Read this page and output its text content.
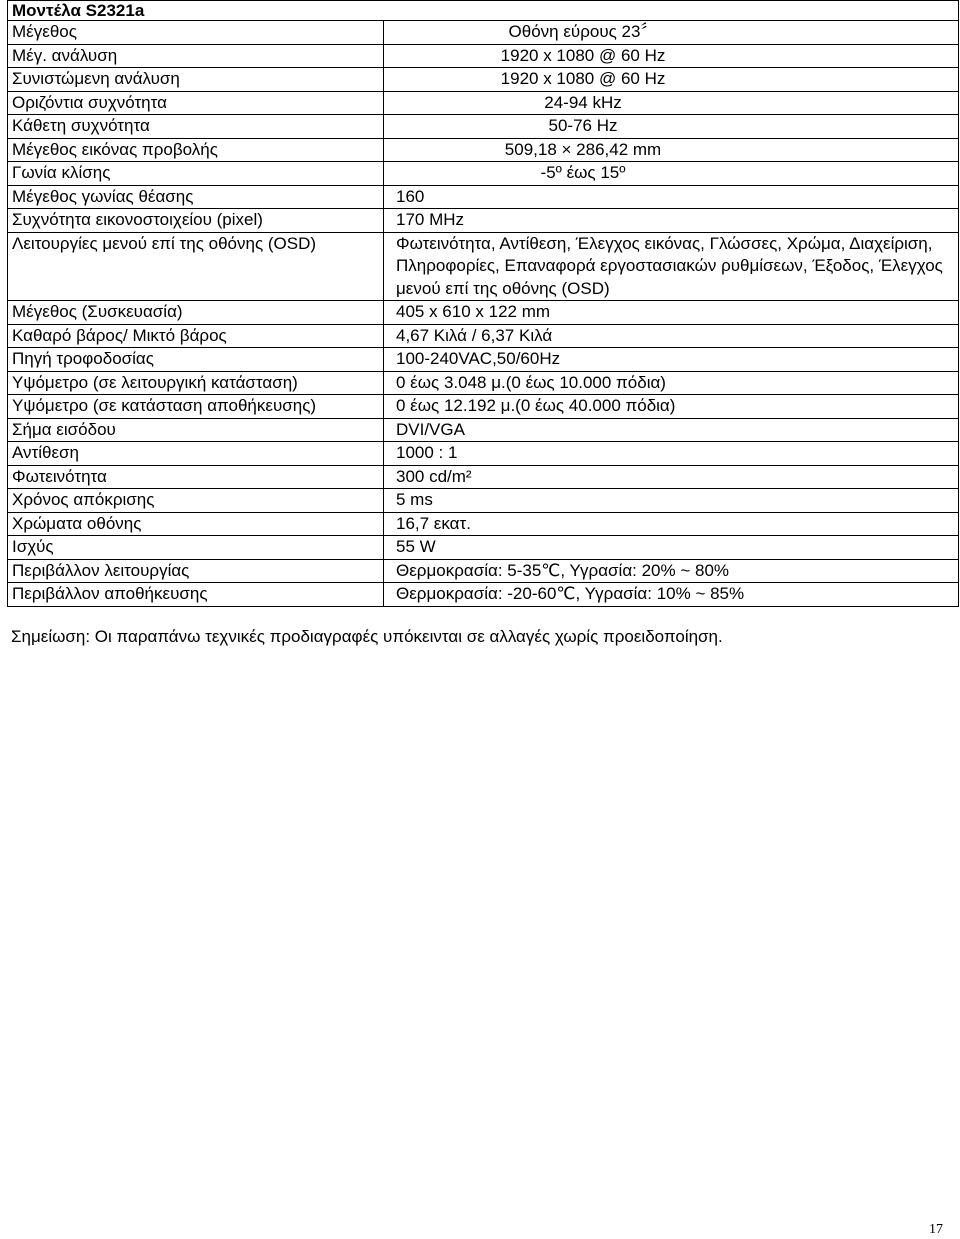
Μοντέλα S2321a	
Μέγεθος	Οθόνη εύρους 23〞
Μέγ. ανάλυση	1920 x 1080 @ 60 Hz
Συνιστώμενη ανάλυση	1920 x 1080 @ 60 Hz
Οριζόντια συχνότητα	24-94 kHz
Κάθετη συχνότητα	50-76 Hz
Μέγεθος εικόνας προβολής	509,18 × 286,42 mm
Γωνία κλίσης	-5º έως 15º
Μέγεθος γωνίας θέασης	160
Συχνότητα εικονοστοιχείου (pixel)	170 MHz
Λειτουργίες μενού επί της οθόνης (OSD)	Φωτεινότητα, Αντίθεση, Έλεγχος εικόνας, Γλώσσες, Χρώμα, Διαχείριση, Πληροφορίες, Επαναφορά εργοστασιακών ρυθμίσεων, Έξοδος, Έλεγχος μενού επί της οθόνης (OSD)
Μέγεθος (Συσκευασία)	405 x 610 x 122 mm
Καθαρό βάρος/ Μικτό βάρος	4,67 Κιλά / 6,37 Κιλά
Πηγή τροφοδοσίας	100-240VAC,50/60Hz
Υψόμετρο (σε λειτουργική κατάσταση)	0 έως 3.048 μ.(0 έως 10.000 πόδια)
Υψόμετρο (σε κατάσταση αποθήκευσης)	0 έως 12.192 μ.(0 έως 40.000 πόδια)
Σήμα εισόδου	DVI/VGA
Αντίθεση	1000 : 1
Φωτεινότητα	300 cd/m²
Χρόνος απόκρισης	5 ms
Χρώματα οθόνης	16,7 εκατ.
Ισχύς	55 W
Περιβάλλον λειτουργίας	Θερμοκρασία: 5-35℃, Υγρασία: 20% ~ 80%
Περιβάλλον αποθήκευσης	Θερμοκρασία: -20-60℃, Υγρασία: 10% ~ 85%

Σημείωση: Οι παραπάνω τεχνικές προδιαγραφές υπόκεινται σε αλλαγές χωρίς προειδοποίηση.

17
